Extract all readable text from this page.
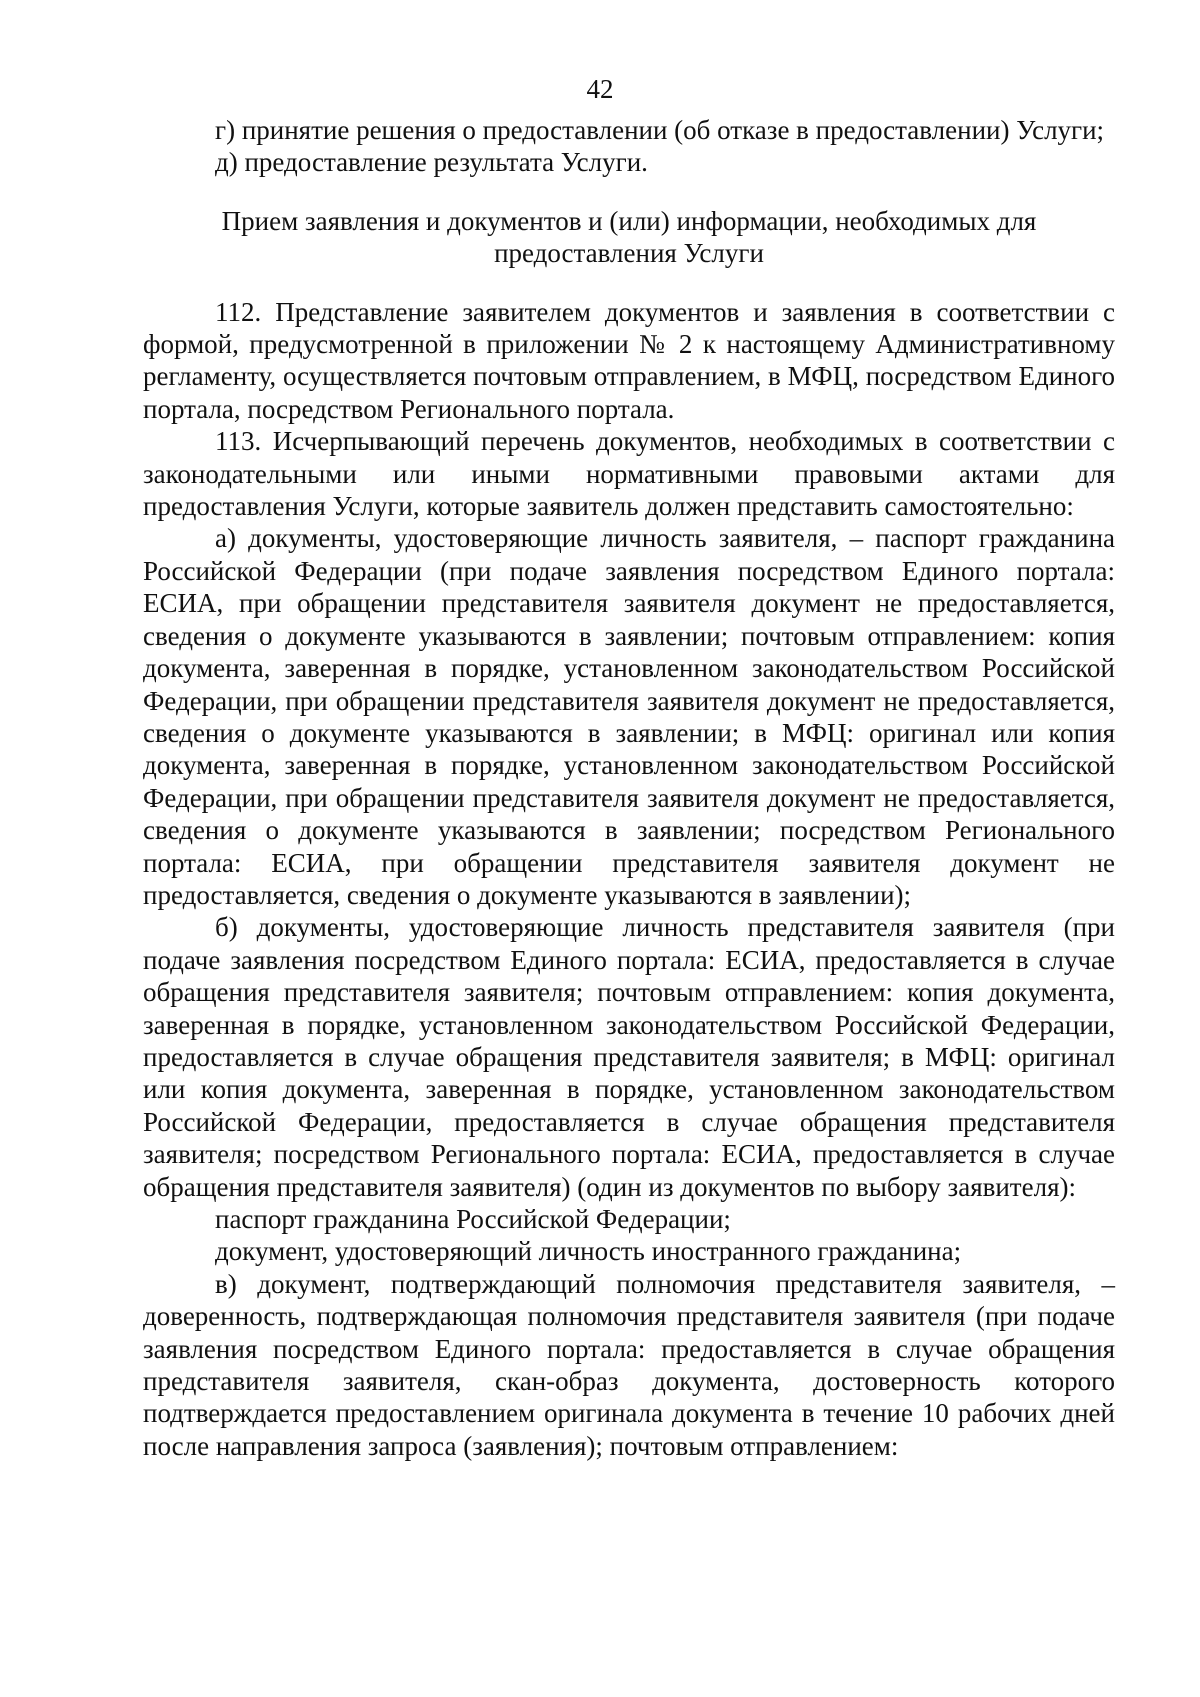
42

г) принятие решения о предоставлении (об отказе в предоставлении) Услуги;

д) предоставление результата Услуги.

Прием заявления и документов и (или) информации, необходимых для
предоставления Услуги

112. Представление заявителем документов и заявления в соответствии с формой, предусмотренной в приложении № 2 к настоящему Административному регламенту, осуществляется почтовым отправлением, в МФЦ, посредством Единого портала, посредством Регионального портала.

113. Исчерпывающий перечень документов, необходимых в соответствии с законодательными или иными нормативными правовыми актами для предоставления Услуги, которые заявитель должен представить самостоятельно:

а) документы, удостоверяющие личность заявителя, – паспорт гражданина Российской Федерации (при подаче заявления посредством Единого портала: ЕСИА, при обращении представителя заявителя документ не предоставляется, сведения о документе указываются в заявлении; почтовым отправлением: копия документа, заверенная в порядке, установленном законодательством Российской Федерации, при обращении представителя заявителя документ не предоставляется, сведения о документе указываются в заявлении; в МФЦ: оригинал или копия документа, заверенная в порядке, установленном законодательством Российской Федерации, при обращении представителя заявителя документ не предоставляется, сведения о документе указываются в заявлении; посредством Регионального портала: ЕСИА, при обращении представителя заявителя документ не предоставляется, сведения о документе указываются в заявлении);

б) документы, удостоверяющие личность представителя заявителя (при подаче заявления посредством Единого портала: ЕСИА, предоставляется в случае обращения представителя заявителя; почтовым отправлением: копия документа, заверенная в порядке, установленном законодательством Российской Федерации, предоставляется в случае обращения представителя заявителя; в МФЦ: оригинал или копия документа, заверенная в порядке, установленном законодательством Российской Федерации, предоставляется в случае обращения представителя заявителя; посредством Регионального портала: ЕСИА, предоставляется в случае обращения представителя заявителя) (один из документов по выбору заявителя):

паспорт гражданина Российской Федерации;

документ, удостоверяющий личность иностранного гражданина;

в) документ, подтверждающий полномочия представителя заявителя, – доверенность, подтверждающая полномочия представителя заявителя (при подаче заявления посредством Единого портала: предоставляется в случае обращения представителя заявителя, скан-образ документа, достоверность которого подтверждается предоставлением оригинала документа в течение 10 рабочих дней после направления запроса (заявления); почтовым отправлением:
